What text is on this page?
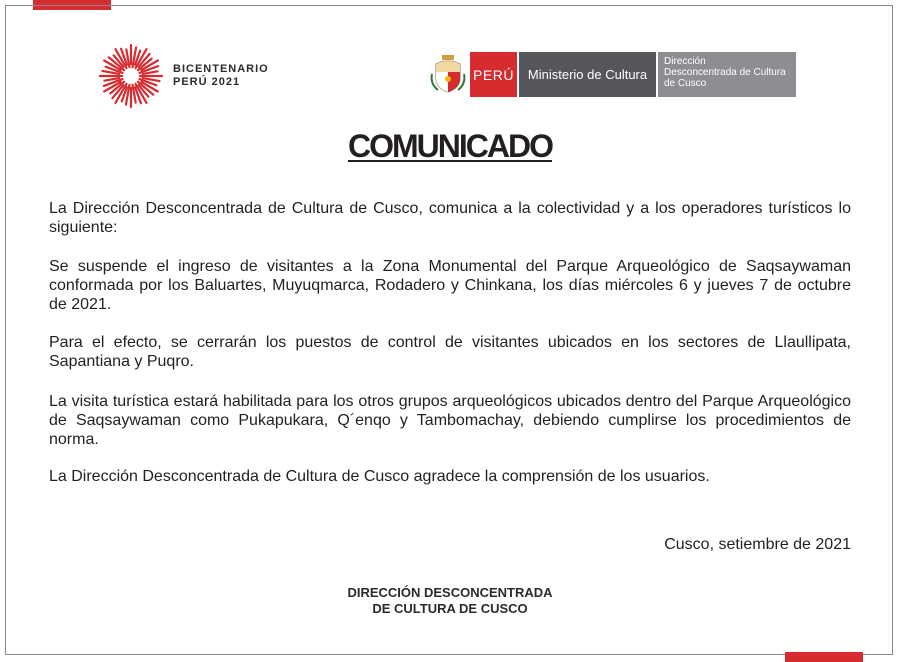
BICENTENARIO
PERÚ 2021	PERÚ	Ministerio de Cultura
Dirección
Desconcentrada de Cultura
de Cusco
COMUNICADO
La Dirección Desconcentrada de Cultura de Cusco, comunica a la colectividad y a los operadores turísticos lo siguiente:
Se suspende el ingreso de visitantes a la Zona Monumental del Parque Arqueológico de Saqsaywaman conformada por los Baluartes, Muyuqmarca, Rodadero y Chinkana, los días miércoles 6 y jueves 7 de octubre de 2021.
Para el efecto, se cerrarán los puestos de control de visitantes ubicados en los sectores de Llaullipata, Sapantiana y Puqro.
La visita turística estará habilitada para los otros grupos arqueológicos ubicados dentro del Parque Arqueológico de Saqsaywaman como Pukapukara, Q´enqo y Tambomachay, debiendo cumplirse los procedimientos de norma.
La Dirección Desconcentrada de Cultura de Cusco agradece la comprensión de los usuarios.
Cusco, setiembre de 2021
DIRECCIÓN DESCONCENTRADA
DE CULTURA DE CUSCO
